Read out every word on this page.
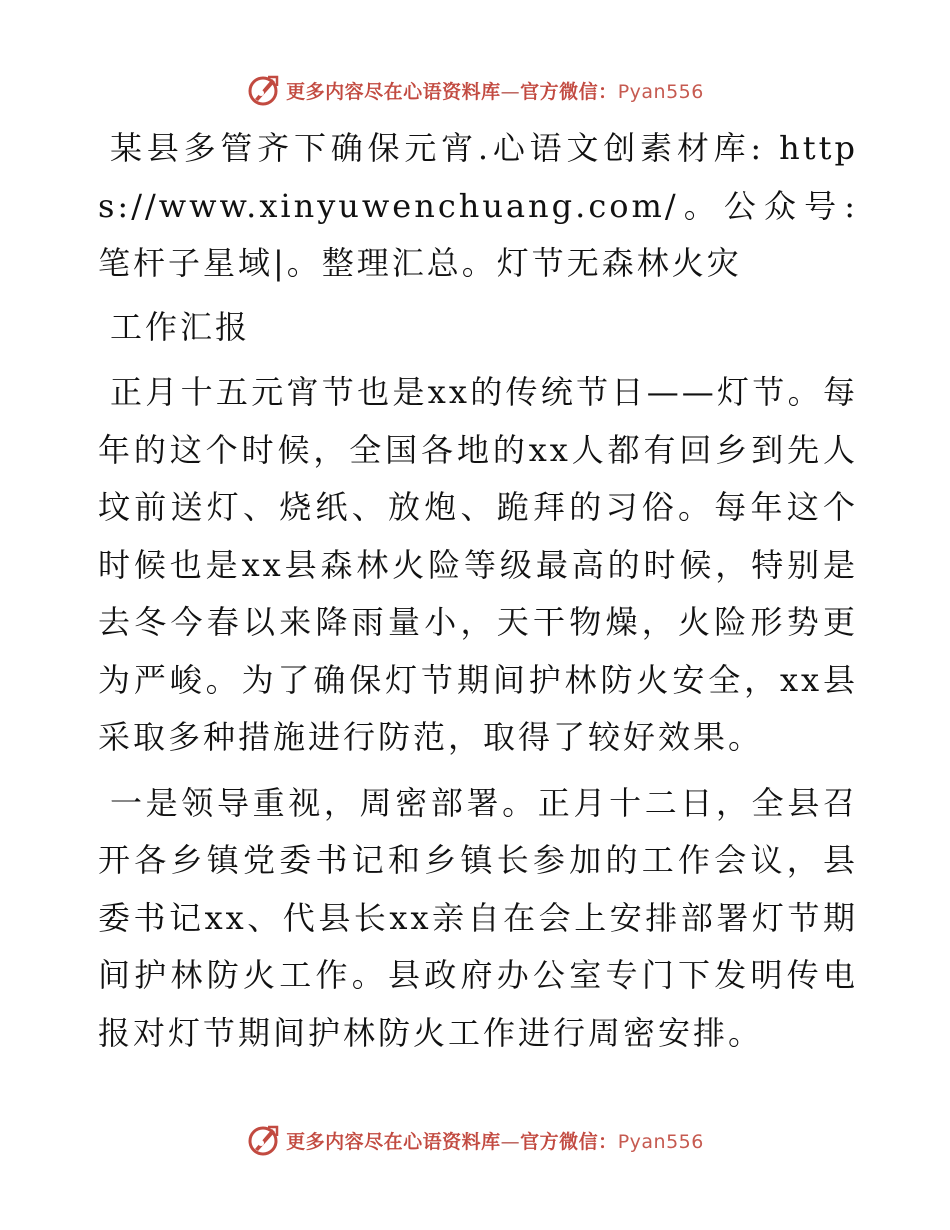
更多内容尽在心语资料库—官方微信：Pyan556

某县多管齐下确保元宵.心语文创素材库: https://www.xinyuwenchuang.com/。公众号: 笔杆子星域|。整理汇总。灯节无森林火灾

工作汇报

正月十五元宵节也是xx的传统节日——灯节。每年的这个时候，全国各地的xx人都有回乡到先人坟前送灯、烧纸、放炮、跪拜的习俗。每年这个时候也是xx县森林火险等级最高的时候，特别是去冬今春以来降雨量小，天干物燥，火险形势更为严峻。为了确保灯节期间护林防火安全，xx县采取多种措施进行防范，取得了较好效果。

一是领导重视，周密部署。正月十二日，全县召开各乡镇党委书记和乡镇长参加的工作会议，县委书记xx、代县长xx亲自在会上安排部署灯节期间护林防火工作。县政府办公室专门下发明传电报对灯节期间护林防火工作进行周密安排。

更多内容尽在心语资料库—官方微信：Pyan556
